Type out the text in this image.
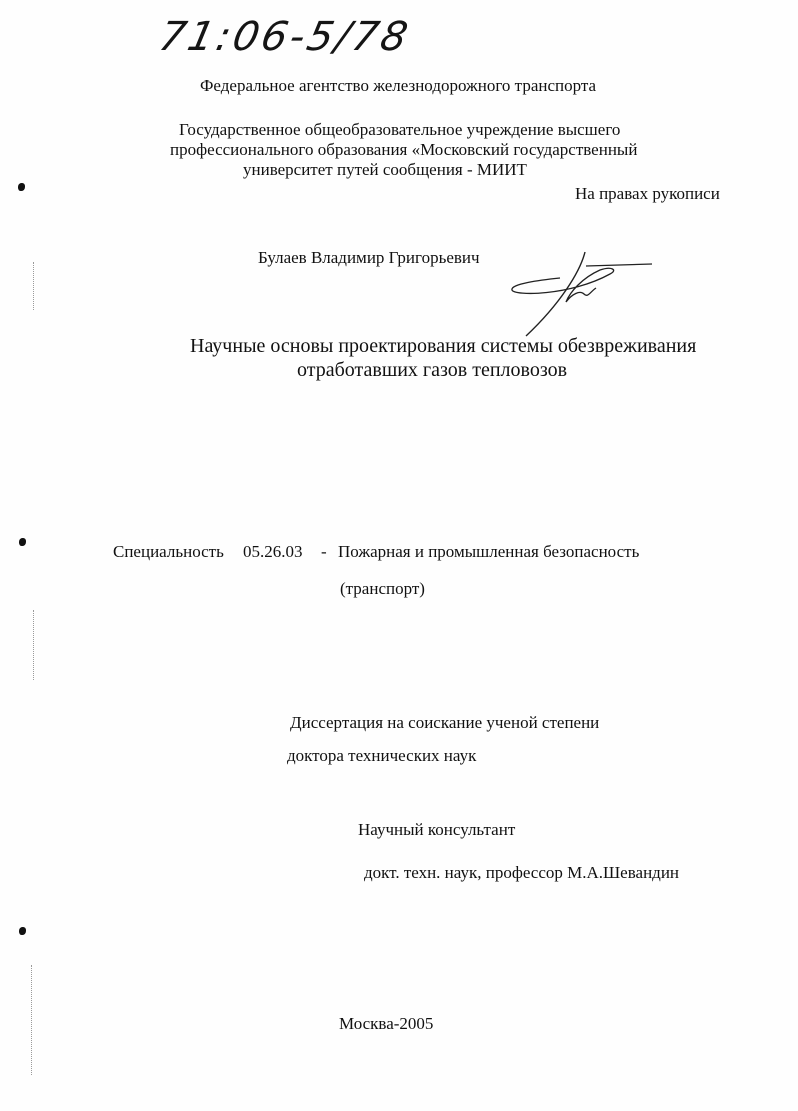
71:06-5/78
Федеральное агентство железнодорожного транспорта
Государственное общеобразовательное учреждение высшего
профессионального образования «Московский государственный
университет путей сообщения - МИИТ
На правах рукописи
Булаев Владимир Григорьевич
Научные основы проектирования системы обезвреживания
отработавших газов тепловозов
Специальность 05.26.03 - Пожарная и промышленная безопасность
(транспорт)
Диссертация на соискание ученой степени
доктора технических наук
Научный консультант
докт. техн. наук, профессор М.А.Шевандин
Москва-2005
